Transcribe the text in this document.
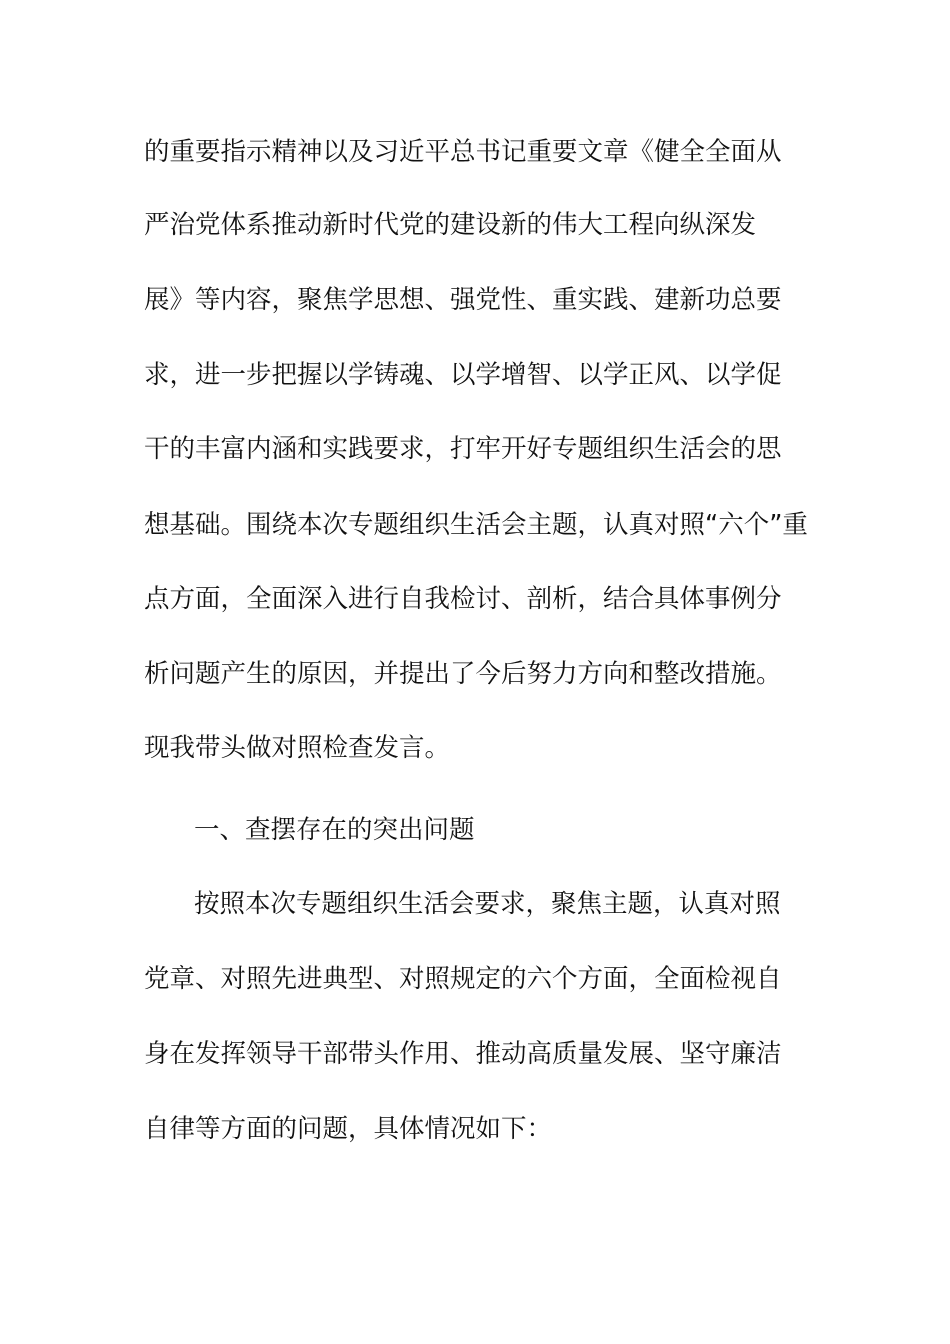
的重要指示精神以及习近平总书记重要文章《健全全面从
严治党体系推动新时代党的建设新的伟大工程向纵深发
展》等内容，聚焦学思想、强党性、重实践、建新功总要
求，进一步把握以学铸魂、以学增智、以学正风、以学促
干的丰富内涵和实践要求，打牢开好专题组织生活会的思
想基础。围绕本次专题组织生活会主题，认真对照“六个”重
点方面，全面深入进行自我检讨、剖析，结合具体事例分
析问题产生的原因，并提出了今后努力方向和整改措施。
现我带头做对照检查发言。
一、查摆存在的突出问题
按照本次专题组织生活会要求，聚焦主题，认真对照
党章、对照先进典型、对照规定的六个方面，全面检视自
身在发挥领导干部带头作用、推动高质量发展、坚守廉洁
自律等方面的问题，具体情况如下：
